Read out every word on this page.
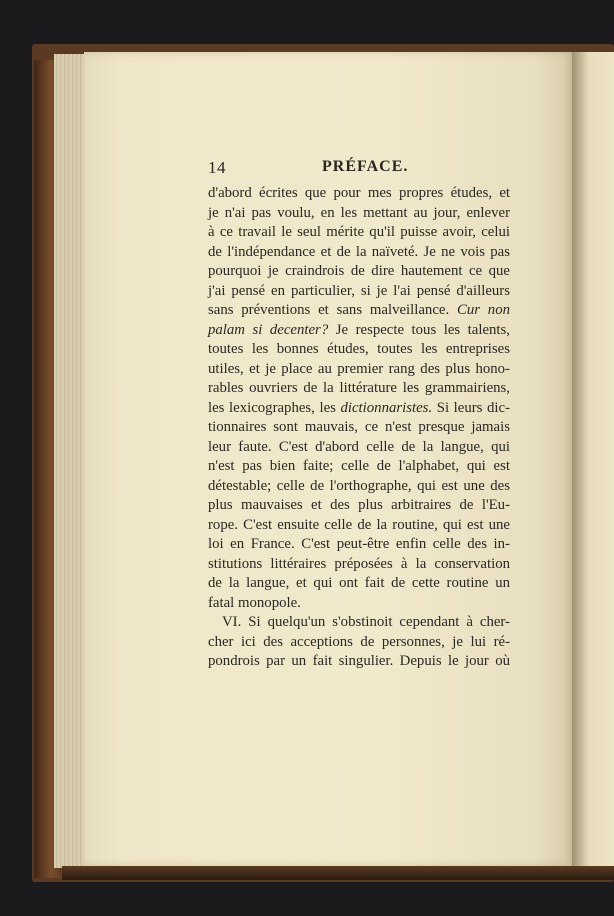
14	PRÉFACE.
d'abord écrites que pour mes propres études, et
je n'ai pas voulu, en les mettant au jour, enlever
à ce travail le seul mérite qu'il puisse avoir, celui
de l'indépendance et de la naïveté. Je ne vois pas
pourquoi je craindrois de dire hautement ce que
j'ai pensé en particulier, si je l'ai pensé d'ailleurs
sans préventions et sans malveillance. Cur non
palam si decenter? Je respecte tous les talents,
toutes les bonnes études, toutes les entreprises
utiles, et je place au premier rang des plus hono-
rables ouvriers de la littérature les grammairiens,
les lexicographes, les dictionnaristes. Si leurs dic-
tionnaires sont mauvais, ce n'est presque jamais
leur faute. C'est d'abord celle de la langue, qui
n'est pas bien faite; celle de l'alphabet, qui est
détestable; celle de l'orthographe, qui est une des
plus mauvaises et des plus arbitraires de l'Eu-
rope. C'est ensuite celle de la routine, qui est une
loi en France. C'est peut-être enfin celle des in-
stitutions littéraires préposées à la conservation
de la langue, et qui ont fait de cette routine un
fatal monopole.
VI. Si quelqu'un s'obstinoit cependant à cher-
cher ici des acceptions de personnes, je lui ré-
pondrois par un fait singulier. Depuis le jour où
